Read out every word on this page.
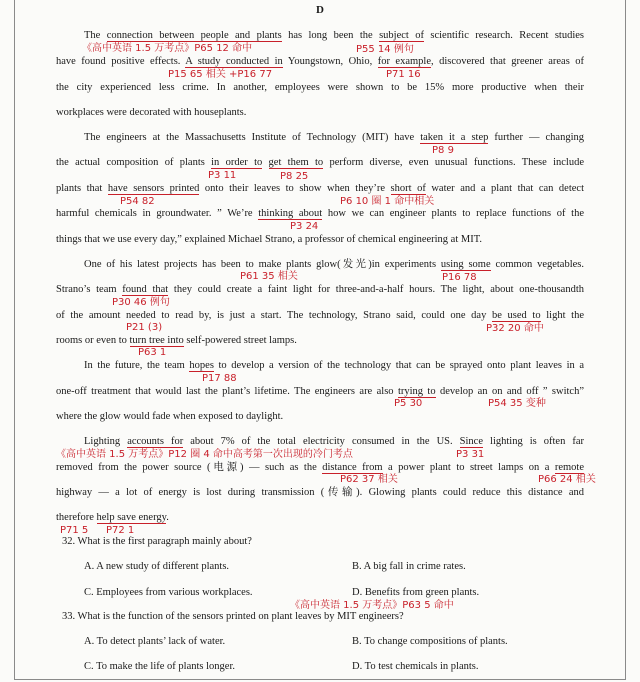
D
The connection between people and plants has long been the subject of scientific research. Recent studies
have found positive effects. A study conducted in Youngstown, Ohio, for example, discovered that greener areas of
the city experienced less crime. In another, employees were shown to be 15% more productive when their
workplaces were decorated with houseplants.
The engineers at the Massachusetts Institute of Technology (MIT) have taken it a step further — changing
the actual composition of plants in order to get them to perform diverse, even unusual functions. These include
plants that have sensors printed onto their leaves to show when they’re short of water and a plant that can detect
harmful chemicals in groundwater. ” We’re thinking about how we can engineer plants to replace functions of the
things that we use every day,” explained Michael Strano, a professor of chemical engineering at MIT.
One of his latest projects has been to make plants glow(发光)in experiments using some common vegetables.
Strano’s team found that they could create a faint light for three-and-a-half hours. The light, about one-thousandth
of the amount needed to read by, is just a start. The technology, Strano said, could one day be used to light the
rooms or even to turn tree into self-powered street lamps.
In the future, the team hopes to develop a version of the technology that can be sprayed onto plant leaves in a
one-off treatment that would last the plant’s lifetime. The engineers are also trying to develop an on and off ” switch”
where the glow would fade when exposed to daylight.
Lighting accounts for about 7% of the total electricity consumed in the US. Since lighting is often far
removed from the power source (电源) — such as the distance from a power plant to street lamps on a remote
highway — a lot of energy is lost during transmission (传输). Glowing plants could reduce this distance and
therefore help save energy.
《高中英语 1.5 万考点》P65 12 命中	P55 14 例句
P15 65 相关 +P16 77	P71 16
P8 9
P3 11	P8 25
P54 82	P6 10 圈 1 命中相关
P3 24
P61 35 相关	P16 78
P30 46 例句
P21 (3)	P32 20 命中
P63 1
P17 88
P5 30	P54 35 变种
《高中英语 1.5 万考点》P12 圈 4 命中高考第一次出现的冷门考点	P3 31
P62 37 相关	P66 24 相关
P71 5 P72 1
《高中英语 1.5 万考点》P63 5 命中
32. What is the first paragraph mainly about?
A. A new study of different plants.	B. A big fall in crime rates.
C. Employees from various workplaces.	D. Benefits from green plants.
33. What is the function of the sensors printed on plant leaves by MIT engineers?
A. To detect plants’ lack of water.	B. To change compositions of plants.
C. To make the life of plants longer.	D. To test chemicals in plants.
